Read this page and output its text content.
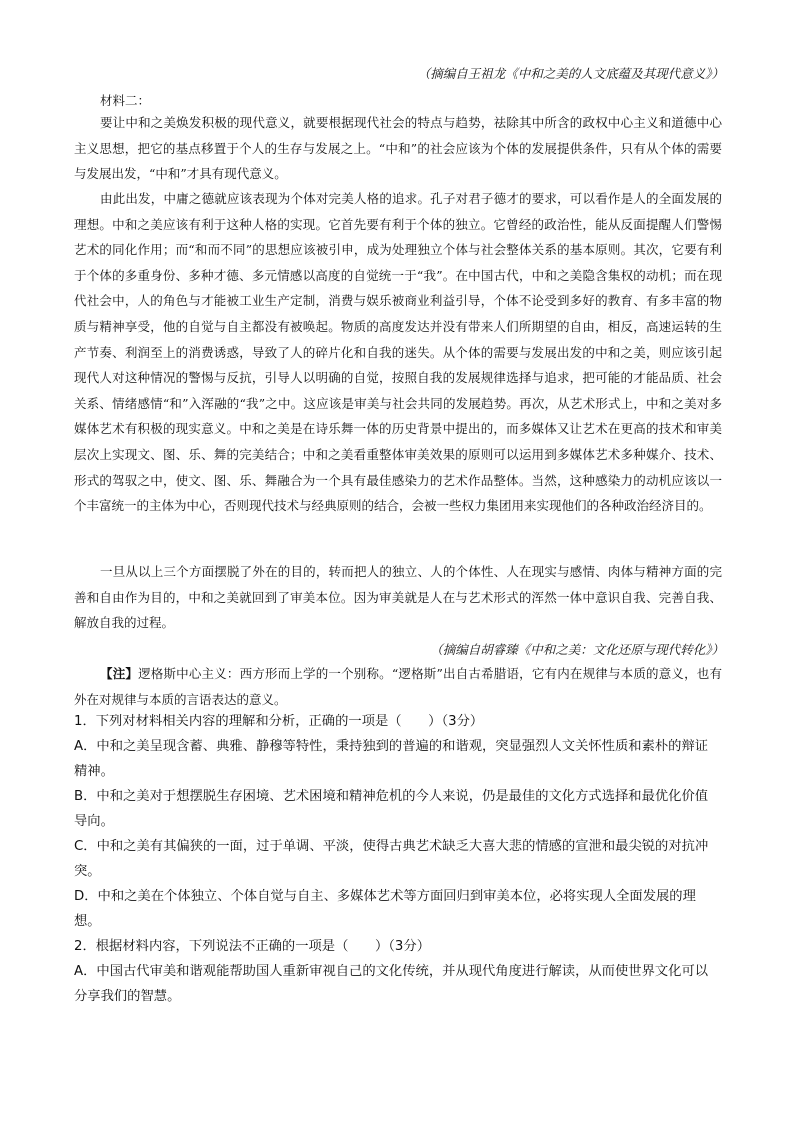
（摘编自王祖龙《中和之美的人文底蕴及其现代意义》）
材料二：

要让中和之美焕发积极的现代意义，就要根据现代社会的特点与趋势，祛除其中所含的政权中心主义和道德中心主义思想，把它的基点移置于个人的生存与发展之上。“中和”的社会应该为个体的发展提供条件，只有从个体的需要与发展出发，“中和”才具有现代意义。

由此出发，中庸之德就应该表现为个体对完美人格的追求。孔子对君子德才的要求，可以看作是人的全面发展的理想。中和之美应该有利于这种人格的实现。它首先要有利于个体的独立。它曾经的政治性，能从反面提醒人们警惕艺术的同化作用；而“和而不同”的思想应该被引申，成为处理独立个体与社会整体关系的基本原则。其次，它要有利于个体的多重身份、多种才德、多元情感以高度的自觉统一于“我”。在中国古代，中和之美隐含集权的动机；而在现代社会中，人的角色与才能被工业生产定制，消费与娱乐被商业利益引导，个体不论受到多好的教育、有多丰富的物质与精神享受，他的自觉与自主都没有被唤起。物质的高度发达并没有带来人们所期望的自由，相反，高速运转的生产节奏、利润至上的消费诱惑，导致了人的碎片化和自我的迷失。从个体的需要与发展出发的中和之美，则应该引起现代人对这种情况的警惕与反抗，引导人以明确的自觉，按照自我的发展规律选择与追求，把可能的才能品质、社会关系、情绪感情“和”入浑融的“我”之中。这应该是审美与社会共同的发展趋势。再次，从艺术形式上，中和之美对多媒体艺术有积极的现实意义。中和之美是在诗乐舞一体的历史背景中提出的，而多媒体又让艺术在更高的技术和审美层次上实现文、图、乐、舞的完美结合；中和之美看重整体审美效果的原则可以运用到多媒体艺术多种媒介、技术、形式的驾驭之中，使文、图、乐、舞融合为一个具有最佳感染力的艺术作品整体。当然，这种感染力的动机应该以一个丰富统一的主体为中心，否则现代技术与经典原则的结合，会被一些权力集团用来实现他们的各种政治经济目的。

一旦从以上三个方面摆脱了外在的目的，转而把人的独立、人的个体性、人在现实与感情、肉体与精神方面的完善和自由作为目的，中和之美就回到了审美本位。因为审美就是人在与艺术形式的浑然一体中意识自我、完善自我、解放自我的过程。

（摘编自胡睿臻《中和之美：文化还原与现代转化》）

【注】逻格斯中心主义：西方形而上学的一个别称。“逻格斯”出自古希腊语，它有内在规律与本质的意义，也有外在对规律与本质的言语表达的意义。

1．下列对材料相关内容的理解和分析，正确的一项是（　　）（3分）

A．中和之美呈现含蓄、典雅、静穆等特性，秉持独到的普遍的和谐观，突显强烈人文关怀性质和素朴的辩证精神。

B．中和之美对于想摆脱生存困境、艺术困境和精神危机的今人来说，仍是最佳的文化方式选择和最优化价值导向。

C．中和之美有其偏狭的一面，过于单调、平淡，使得古典艺术缺乏大喜大悲的情感的宣泄和最尖锐的对抗冲突。

D．中和之美在个体独立、个体自觉与自主、多媒体艺术等方面回归到审美本位，必将实现人全面发展的理想。

2．根据材料内容，下列说法不正确的一项是（　　）（3分）

A．中国古代审美和谐观能帮助国人重新审视自己的文化传统，并从现代角度进行解读，从而使世界文化可以分享我们的智慧。
